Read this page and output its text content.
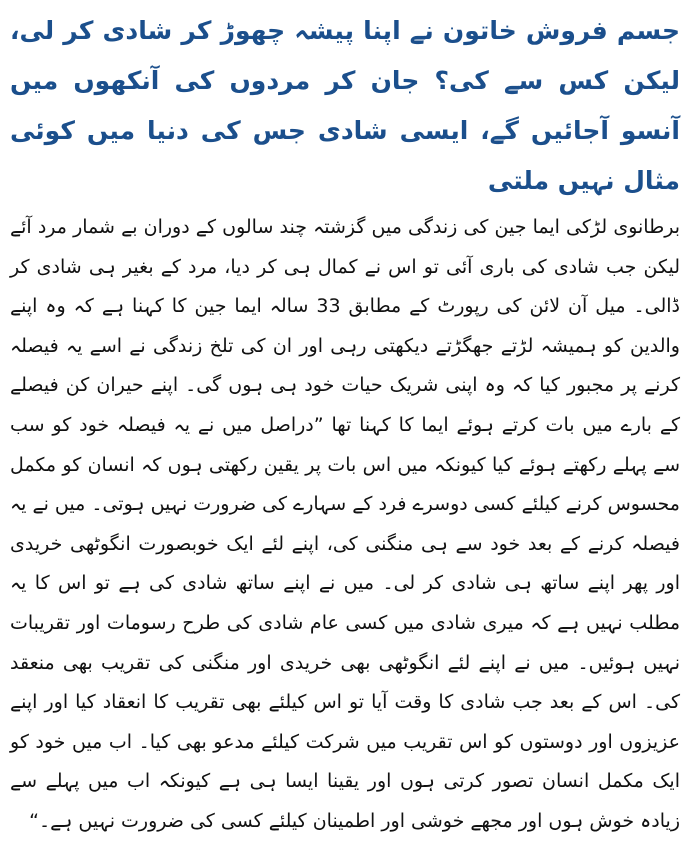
جسم فروش خاتون نے اپنا پیشہ چھوڑ کر شادی کر لی، لیکن کس سے کی؟ جان کر مردوں کی آنکھوں میں آنسو آجائیں گے، ایسی شادی جس کی دنیا میں کوئی مثال نہیں ملتی

برطانوی لڑکی ایما جین کی زندگی میں گزشتہ چند سالوں کے دوران بے شمار مرد آئے لیکن جب شادی کی باری آئی تو اس نے کمال ہی کر دیا، مرد کے بغیر ہی شادی کر ڈالی۔ میل آن لائن کی رپورٹ کے مطابق 33 سالہ ایما جین کا کہنا ہے کہ وہ اپنے والدین کو ہمیشہ لڑتے جھگڑتے دیکھتی رہی اور ان کی تلخ زندگی نے اسے یہ فیصلہ کرنے پر مجبور کیا کہ وہ اپنی شریک حیات خود ہی ہوں گی۔ اپنے حیران کن فیصلے کے بارے میں بات کرتے ہوئے ایما کا کہنا تھا ”دراصل میں نے یہ فیصلہ خود کو سب سے پہلے رکھتے ہوئے کیا کیونکہ میں اس بات پر یقین رکھتی ہوں کہ انسان کو مکمل محسوس کرنے کیلئے کسی دوسرے فرد کے سہارے کی ضرورت نہیں ہوتی۔ میں نے یہ فیصلہ کرنے کے بعد خود سے ہی منگنی کی، اپنے لئے ایک خوبصورت انگوٹھی خریدی اور پھر اپنے ساتھ ہی شادی کر لی۔ میں نے اپنے ساتھ شادی کی ہے تو اس کا یہ مطلب نہیں ہے کہ میری شادی میں کسی عام شادی کی طرح رسومات اور تقریبات نہیں ہوئیں۔ میں نے اپنے لئے انگوٹھی بھی خریدی اور منگنی کی تقریب بھی منعقد کی۔ اس کے بعد جب شادی کا وقت آیا تو اس کیلئے بھی تقریب کا انعقاد کیا اور اپنے عزیزوں اور دوستوں کو اس تقریب میں شرکت کیلئے مدعو بھی کیا۔ اب میں خود کو ایک مکمل انسان تصور کرتی ہوں اور یقینا ایسا ہی ہے کیونکہ اب میں پہلے سے زیادہ خوش ہوں اور مجھے خوشی اور اطمینان کیلئے کسی کی ضرورت نہیں ہے۔“
